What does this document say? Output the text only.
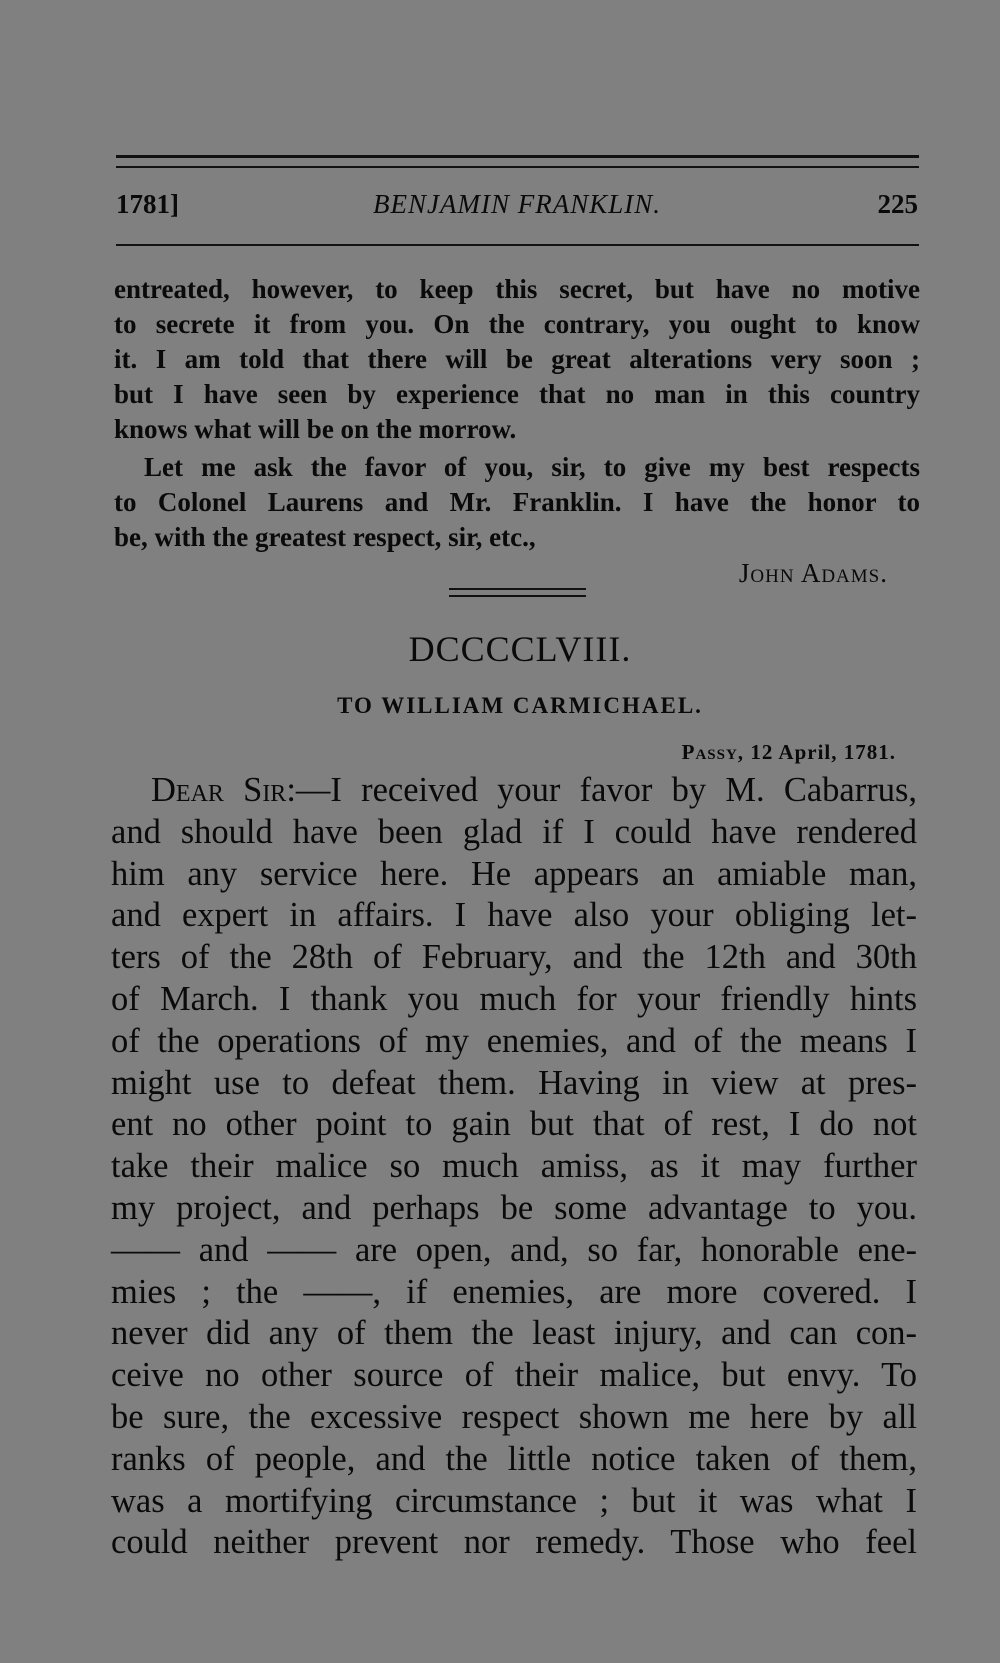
1781]	BENJAMIN FRANKLIN.	225
entreated, however, to keep this secret, but have no motive
to secrete it from you. On the contrary, you ought to know
it. I am told that there will be great alterations very soon ;
but I have seen by experience that no man in this country
knows what will be on the morrow.
Let me ask the favor of you, sir, to give my best respects
to Colonel Laurens and Mr. Franklin. I have the honor to
be, with the greatest respect, sir, etc.,
John Adams.
DCCCCLVIII.
TO WILLIAM CARMICHAEL.
Passy, 12 April, 1781.
Dear Sir:—I received your favor by M. Cabarrus,
and should have been glad if I could have rendered
him any service here. He appears an amiable man,
and expert in affairs. I have also your obliging let-
ters of the 28th of February, and the 12th and 30th
of March. I thank you much for your friendly hints
of the operations of my enemies, and of the means I
might use to defeat them. Having in view at pres-
ent no other point to gain but that of rest, I do not
take their malice so much amiss, as it may further
my project, and perhaps be some advantage to you.
—— and —— are open, and, so far, honorable ene-
mies ; the ——, if enemies, are more covered. I
never did any of them the least injury, and can con-
ceive no other source of their malice, but envy. To
be sure, the excessive respect shown me here by all
ranks of people, and the little notice taken of them,
was a mortifying circumstance ; but it was what I
could neither prevent nor remedy. Those who feel
